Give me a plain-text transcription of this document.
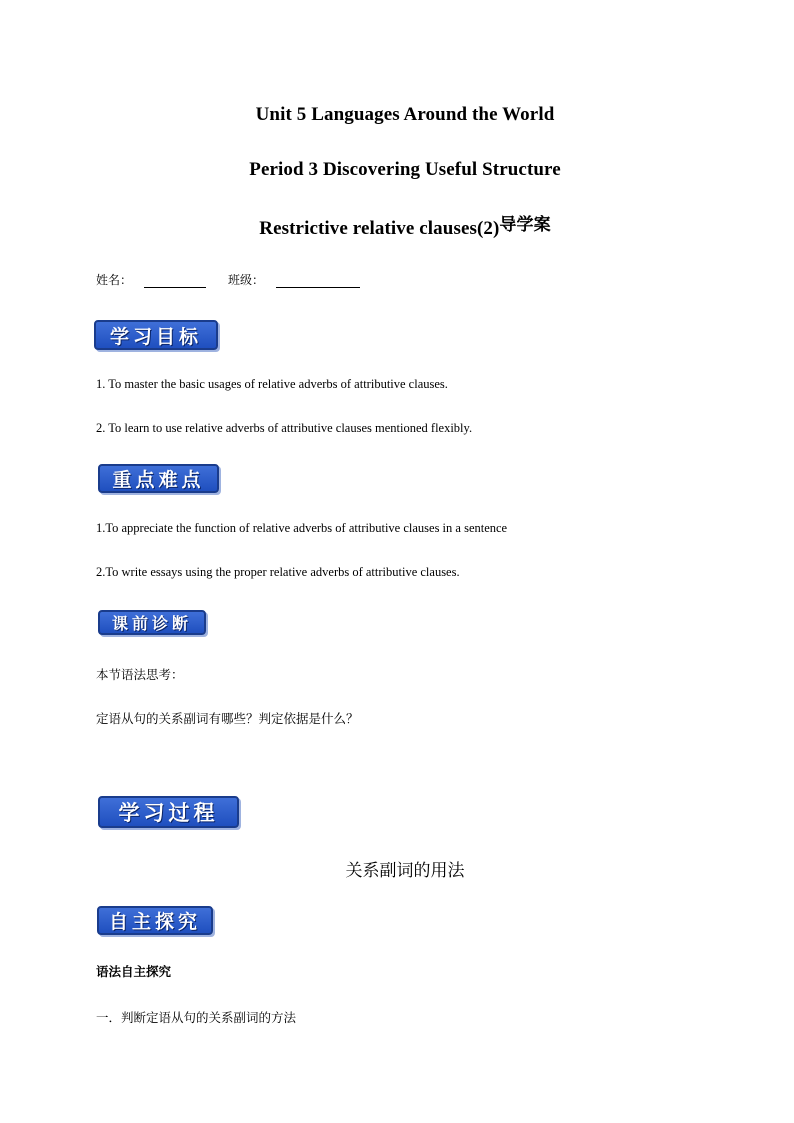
Unit 5 Languages Around the World
Period 3 Discovering Useful Structure
Restrictive relative clauses(2)导学案
姓名：	班级：
学习目标
1. To master the basic usages of relative adverbs of attributive clauses.
2. To learn to use relative adverbs of attributive clauses mentioned flexibly.
重点难点
1.To appreciate the function of relative adverbs of attributive clauses in a sentence
2.To write essays using the proper relative adverbs of attributive clauses.
课前诊断
本节语法思考：
定语从句的关系副词有哪些？判定依据是什么？
学习过程
关系副词的用法
自主探究
语法自主探究
一．判断定语从句的关系副词的方法
